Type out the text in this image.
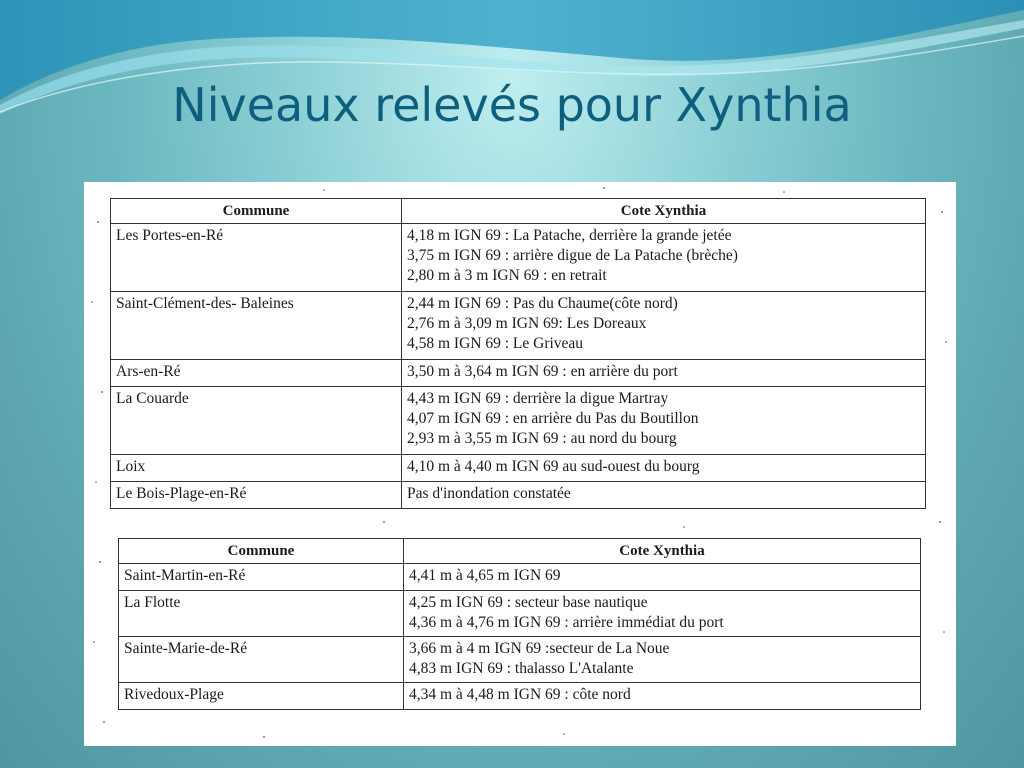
Niveaux relevés pour Xynthia
Commune	Cote Xynthia
Les Portes-en-Ré	4,18 m IGN 69 : La Patache, derrière la grande jetée
3,75 m IGN 69 : arrière digue de La Patache (brèche)
2,80 m à 3 m IGN 69 : en retrait

Saint-Clément-des- Baleines	2,44 m IGN 69 : Pas du Chaume(côte nord)
2,76 m à 3,09 m IGN 69: Les Doreaux
4,58 m IGN 69 : Le Griveau

Ars-en-Ré	3,50 m à 3,64 m IGN 69 : en arrière du port

La Couarde	4,43 m IGN 69 : derrière la digue Martray
4,07 m IGN 69 : en arrière du Pas du Boutillon
2,93 m à 3,55 m IGN 69 : au nord du bourg

Loix	4,10 m à 4,40 m IGN 69 au sud-ouest du bourg

Le Bois-Plage-en-Ré	Pas d'inondation constatée
Commune	Cote Xynthia
Saint-Martin-en-Ré	4,41 m à 4,65 m IGN 69

La Flotte	4,25 m IGN 69 : secteur base nautique
4,36 m à 4,76 m IGN 69 : arrière immédiat du port

Sainte-Marie-de-Ré	3,66 m à 4 m IGN 69 :secteur de La Noue
4,83 m IGN 69 : thalasso L'Atalante

Rivedoux-Plage	4,34 m à 4,48 m IGN 69 : côte nord
